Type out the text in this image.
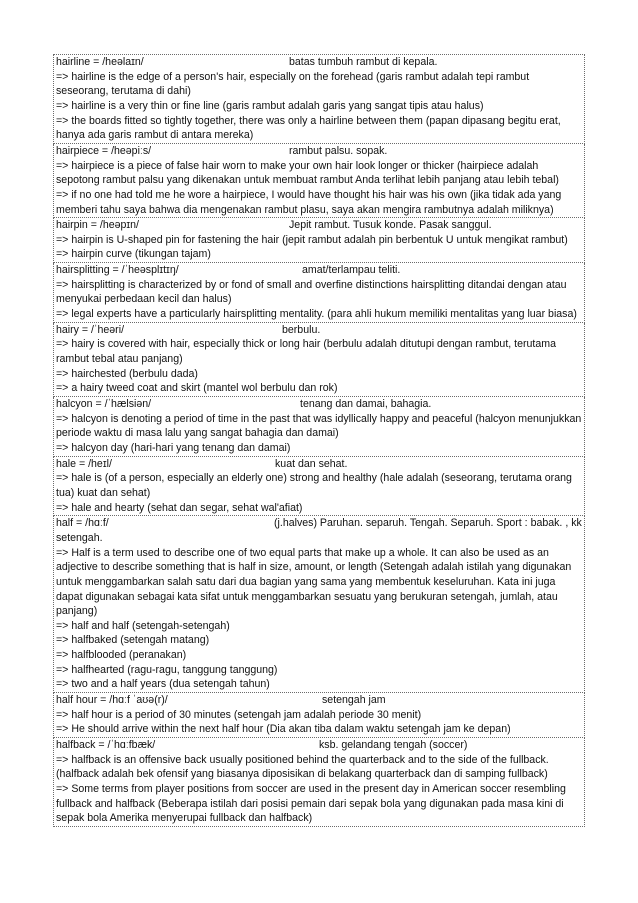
hairline = /heəlaɪn/	batas tumbuh rambut di kepala.
=> hairline is the edge of a person's hair, especially on the forehead (garis rambut adalah tepi rambut seseorang, terutama di dahi)
=> hairline is a very thin or fine line (garis rambut adalah garis yang sangat tipis atau halus)
=> the boards fitted so tightly together, there was only a hairline between them (papan dipasang begitu erat, hanya ada garis rambut di antara mereka)
hairpiece = /heəpiːs/	rambut palsu. sopak.
=> hairpiece is a piece of false hair worn to make your own hair look longer or thicker (hairpiece adalah sepotong rambut palsu yang dikenakan untuk membuat rambut Anda terlihat lebih panjang atau lebih tebal)
=> if no one had told me he wore a hairpiece, I would have thought his hair was his own (jika tidak ada yang memberi tahu saya bahwa dia mengenakan rambut plasu, saya akan mengira rambutnya adalah miliknya)
hairpin = /heəpɪn/	Jepit rambut. Tusuk konde. Pasak sanggul.
=> hairpin is U-shaped pin for fastening the hair (jepit rambut adalah pin berbentuk U untuk mengikat rambut)
=> hairpin curve (tikungan tajam)
hairsplitting = /ˈheəsplɪtɪŋ/	amat/terlampau teliti.
=> hairsplitting is characterized by or fond of small and overfine distinctions hairsplitting ditandai dengan atau menyukai perbedaan kecil dan halus)
=> legal experts have a particularly hairsplitting mentality. (para ahli hukum memiliki mentalitas yang luar biasa)
hairy = /ˈheəri/	berbulu.
=> hairy is covered with hair, especially thick or long hair (berbulu adalah ditutupi dengan rambut, terutama rambut tebal atau panjang)
=> hairchested (berbulu dada)
=> a hairy tweed coat and skirt (mantel wol berbulu dan rok)
halcyon = /ˈhælsiən/	tenang dan damai, bahagia.
=> halcyon is denoting a period of time in the past that was idyllically happy and peaceful (halcyon menunjukkan periode waktu di masa lalu yang sangat bahagia dan damai)
=> halcyon day (hari-hari yang tenang dan damai)
hale = /heɪl/	kuat dan sehat.
=> hale is (of a person, especially an elderly one) strong and healthy (hale adalah (seseorang, terutama orang tua) kuat dan sehat)
=> hale and hearty (sehat dan segar, sehat wal'afiat)
half = /hɑːf/	(j.halves) Paruhan. separuh. Tengah. Separuh. Sport : babak. , kk setengah.
=> Half is a term used to describe one of two equal parts that make up a whole. It can also be used as an adjective to describe something that is half in size, amount, or length (Setengah adalah istilah yang digunakan untuk menggambarkan salah satu dari dua bagian yang sama yang membentuk keseluruhan. Kata ini juga dapat digunakan sebagai kata sifat untuk menggambarkan sesuatu yang berukuran setengah, jumlah, atau panjang)
=> half and half (setengah-setengah)
=> halfbaked (setengah matang)
=> halfblooded (peranakan)
=> halfhearted (ragu-ragu, tanggung tanggung)
=> two and a half years (dua setengah tahun)
half hour = /hɑːf ˈaʊə(r)/	setengah jam
=> half hour is a period of 30 minutes (setengah jam adalah periode 30 menit)
=> He should arrive within the next half hour (Dia akan tiba dalam waktu setengah jam ke depan)
halfback = /ˈhɑːfbæk/	ksb. gelandang tengah (soccer)
=> halfback is an offensive back usually positioned behind the quarterback and to the side of the fullback. (halfback adalah bek ofensif yang biasanya diposisikan di belakang quarterback dan di samping fullback)
=> Some terms from player positions from soccer are used in the present day in American soccer resembling fullback and halfback (Beberapa istilah dari posisi pemain dari sepak bola yang digunakan pada masa kini di sepak bola Amerika menyerupai fullback dan halfback)
